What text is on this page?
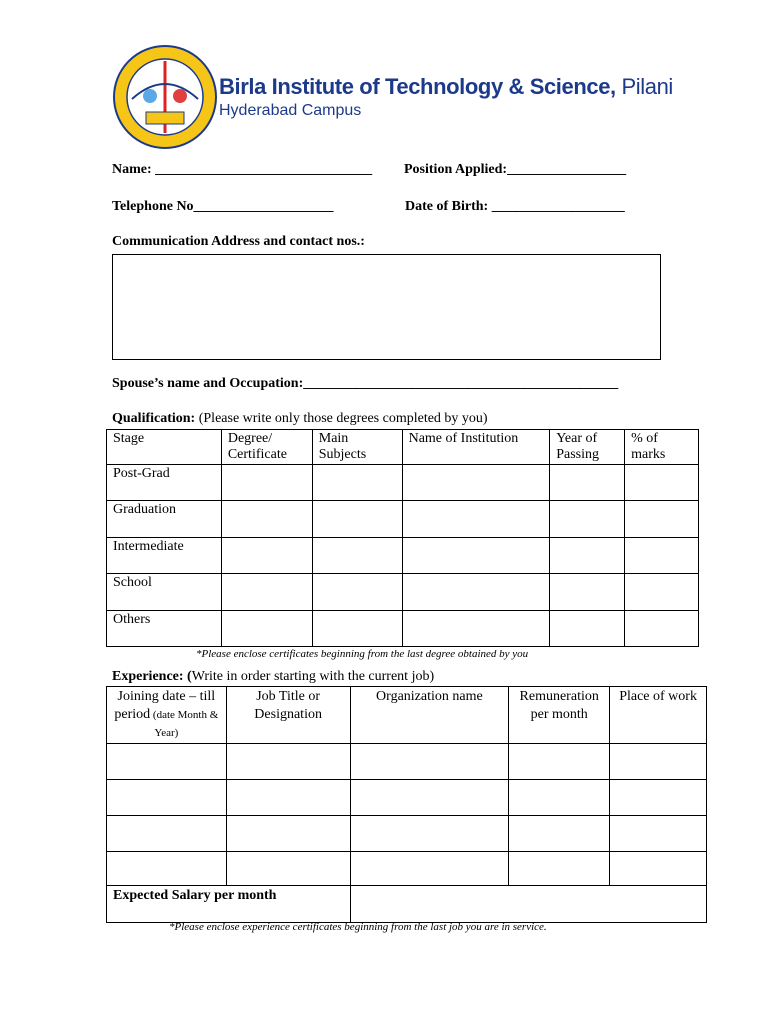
Birla Institute of Technology & Science, Pilani
Hyderabad Campus
Name: _______________________________ Position Applied:_________________
Telephone No____________________	Date of Birth: ___________________
Communication Address and contact nos.:
Spouse’s name and Occupation:_____________________________________________
Qualification: (Please write only those degrees completed by you)
Stage	Degree/ Certificate	Main Subjects	Name of Institution	Year of Passing	% of marks
Post-Grad					
Graduation					
Intermediate					
School					
Others					
*Please enclose certificates beginning from the last degree obtained by you
Experience: (Write in order starting with the current job)
Joining date – till period (date Month & Year)	Job Title or Designation	Organization name	Remuneration per month	Place of work

Expected Salary per month				
*Please enclose experience certificates beginning from the last job you are in service.
